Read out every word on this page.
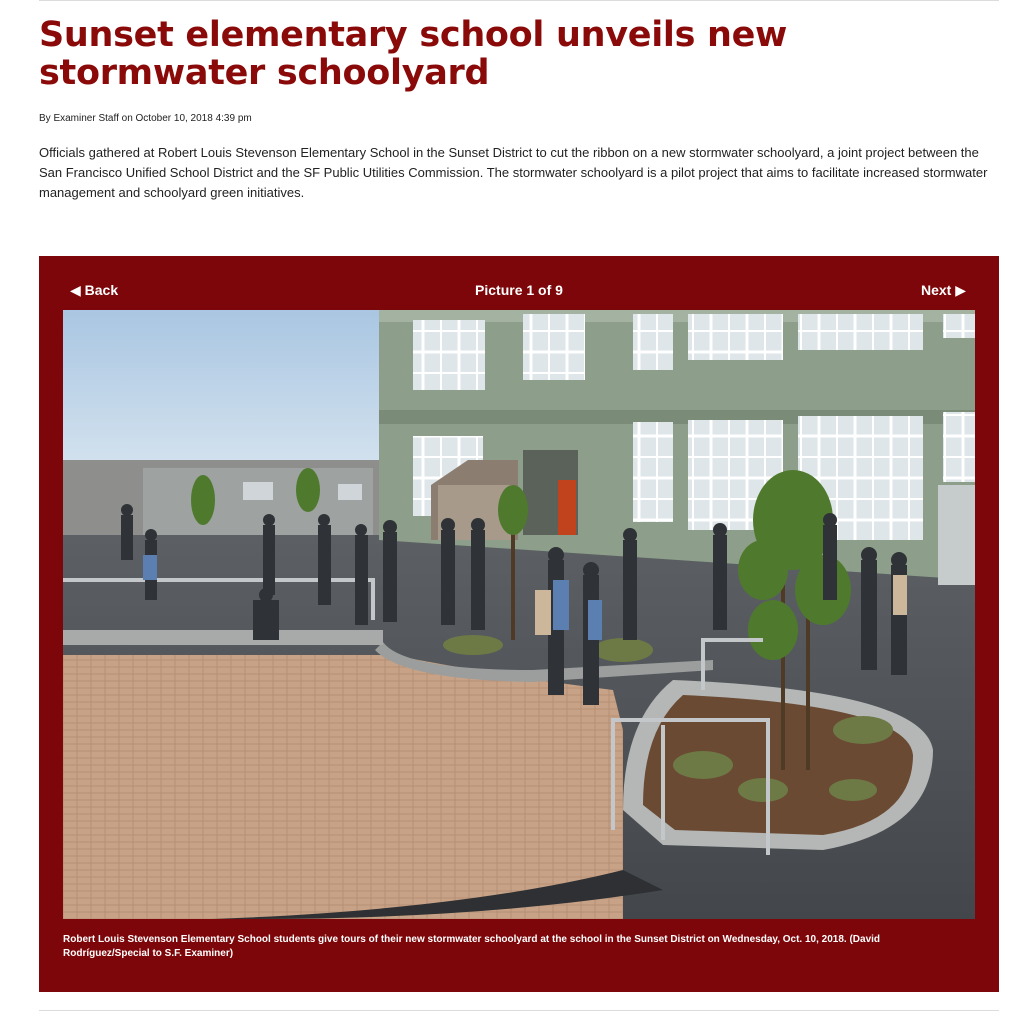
Sunset elementary school unveils new stormwater schoolyard
By Examiner Staff on October 10, 2018 4:39 pm

Officials gathered at Robert Louis Stevenson Elementary School in the Sunset District to cut the ribbon on a new stormwater schoolyard, a joint project between the San Francisco Unified School District and the SF Public Utilities Commission. The stormwater schoolyard is a pilot project that aims to facilitate increased stormwater management and schoolyard green initiatives.

◀ Back	Picture 1 of 9	Next ▶

Robert Louis Stevenson Elementary School students give tours of their new stormwater schoolyard at the school in the Sunset District on Wednesday, Oct. 10, 2018. (David Rodríguez/Special to S.F. Examiner)
